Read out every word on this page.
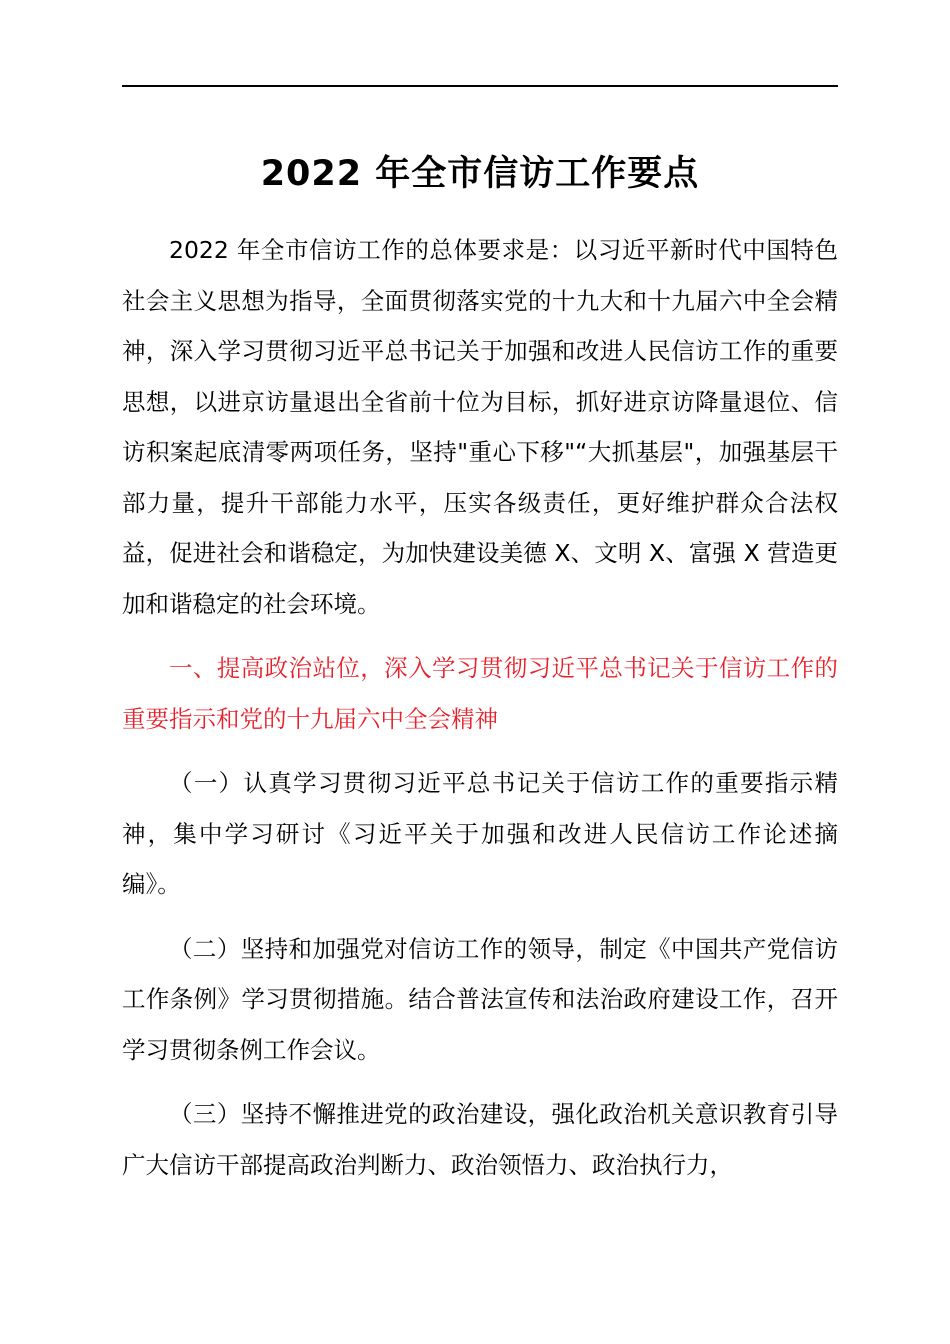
2022 年全市信访工作要点

2022 年全市信访工作的总体要求是：以习近平新时代中国特色社会主义思想为指导，全面贯彻落实党的十九大和十九届六中全会精神，深入学习贯彻习近平总书记关于加强和改进人民信访工作的重要思想，以进京访量退出全省前十位为目标，抓好进京访降量退位、信访积案起底清零两项任务，坚持"重心下移"“大抓基层"，加强基层干部力量，提升干部能力水平，压实各级责任，更好维护群众合法权益，促进社会和谐稳定，为加快建设美德 X、文明 X、富强 X 营造更加和谐稳定的社会环境。

一、提高政治站位，深入学习贯彻习近平总书记关于信访工作的重要指示和党的十九届六中全会精神

（一）认真学习贯彻习近平总书记关于信访工作的重要指示精神，集中学习研讨《习近平关于加强和改进人民信访工作论述摘编》。

（二）坚持和加强党对信访工作的领导，制定《中国共产党信访工作条例》学习贯彻措施。结合普法宣传和法治政府建设工作，召开学习贯彻条例工作会议。

（三）坚持不懈推进党的政治建设，强化政治机关意识教育引导广大信访干部提高政治判断力、政治领悟力、政治执行力，
